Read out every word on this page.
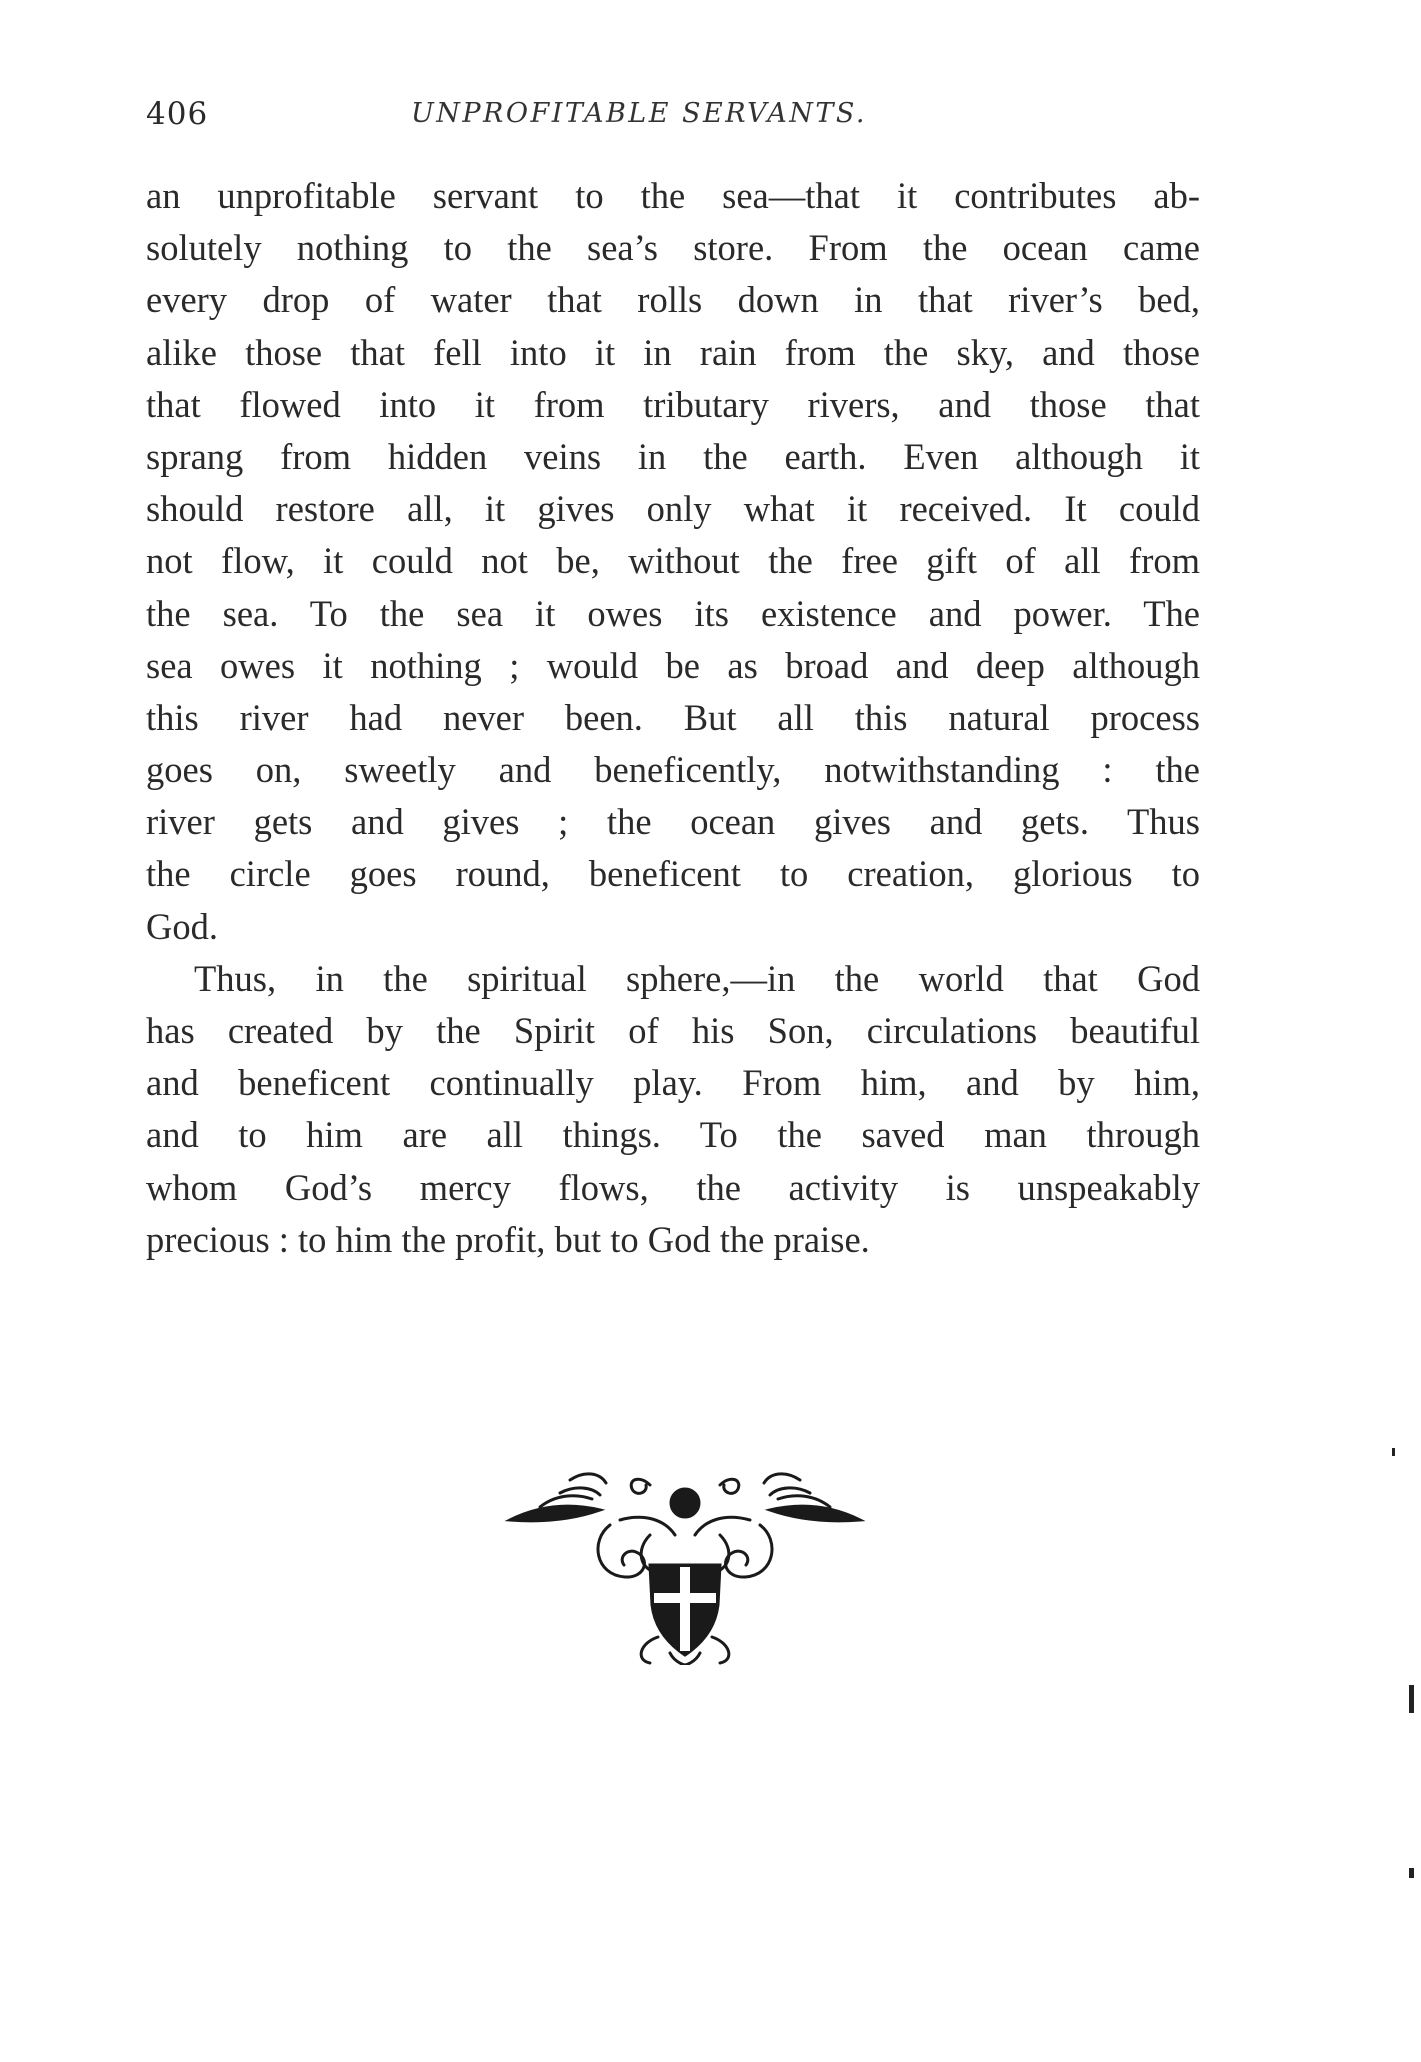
406	UNPROFITABLE SERVANTS.
an unprofitable servant to the sea—that it contributes ab-
solutely nothing to the sea’s store. From the ocean came
every drop of water that rolls down in that river’s bed,
alike those that fell into it in rain from the sky, and those
that flowed into it from tributary rivers, and those that
sprang from hidden veins in the earth. Even although it
should restore all, it gives only what it received. It could
not flow, it could not be, without the free gift of all from
the sea. To the sea it owes its existence and power. The
sea owes it nothing ; would be as broad and deep although
this river had never been. But all this natural process
goes on, sweetly and beneficently, notwithstanding : the
river gets and gives ; the ocean gives and gets. Thus
the circle goes round, beneficent to creation, glorious to
God.
Thus, in the spiritual sphere,—in the world that God
has created by the Spirit of his Son, circulations beautiful
and beneficent continually play. From him, and by him,
and to him are all things. To the saved man through
whom God’s mercy flows, the activity is unspeakably
precious : to him the profit, but to God the praise.
